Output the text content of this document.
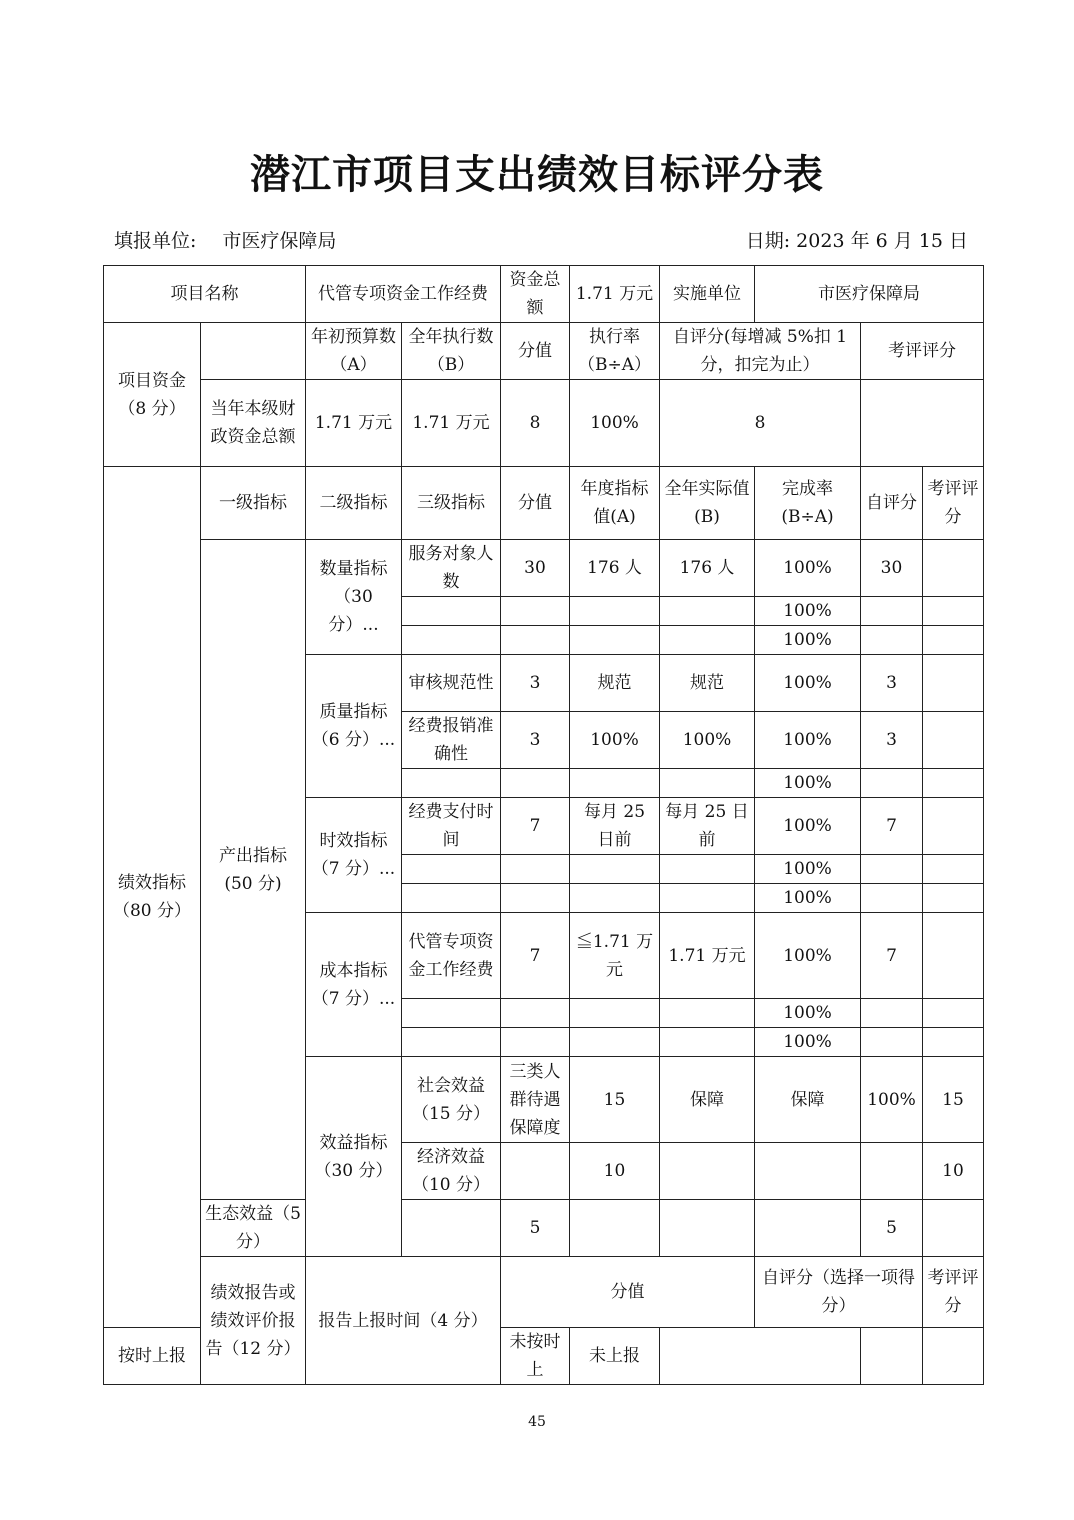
潜江市项目支出绩效目标评分表
填报单位: 市医疗保障局	日期: 2023 年 6 月 15 日
项目名称		代管专项资金工作经费		资金总额	1.71 万元	实施单位	市医疗保障局			
项目资金（8 分）		年初预算数（A）	全年执行数（B）	分值	执行率（B÷A）	自评分(每增减 5%扣 1 分，扣完为止）		考评评分		
	当年本级财政资金总额	1.71 万元	1.71 万元	8	100%	8				
绩效指标（80 分）	一级指标	二级指标	三级指标	分值	年度指标值(A)	全年实际值(B)	完成率(B÷A)	自评分	考评评分	
	产出指标(50 分)	数量指标（30 分）...	服务对象人数	30	176 人	176 人	100%	30		
							100%			
							100%			
		质量指标（6 分）...	审核规范性	3	规范	规范	100%	3		
			经费报销准确性	3	100%	100%	100%	3		
							100%			
		时效指标（7 分）...	经费支付时间	7	每月 25 日前	每月 25 日前	100%	7		
							100%			
							100%			
		成本指标（7 分）...	代管专项资金工作经费	7	≦1.71 万元	1.71 万元	100%	7		
							100%			
							100%			
		效益指标（30 分）	社会效益（15 分）	三类人群待遇保障度	15	保障	保障	100%	15	
			经济效益（10 分）		10				10	
	生态效益（5 分）			5				5		
	绩效报告或绩效评价报告（12 分）	报告上报时间（4 分）		分值			自评分（选择一项得分）		考评评分	
按时上报				未按时上	未上报					
45
